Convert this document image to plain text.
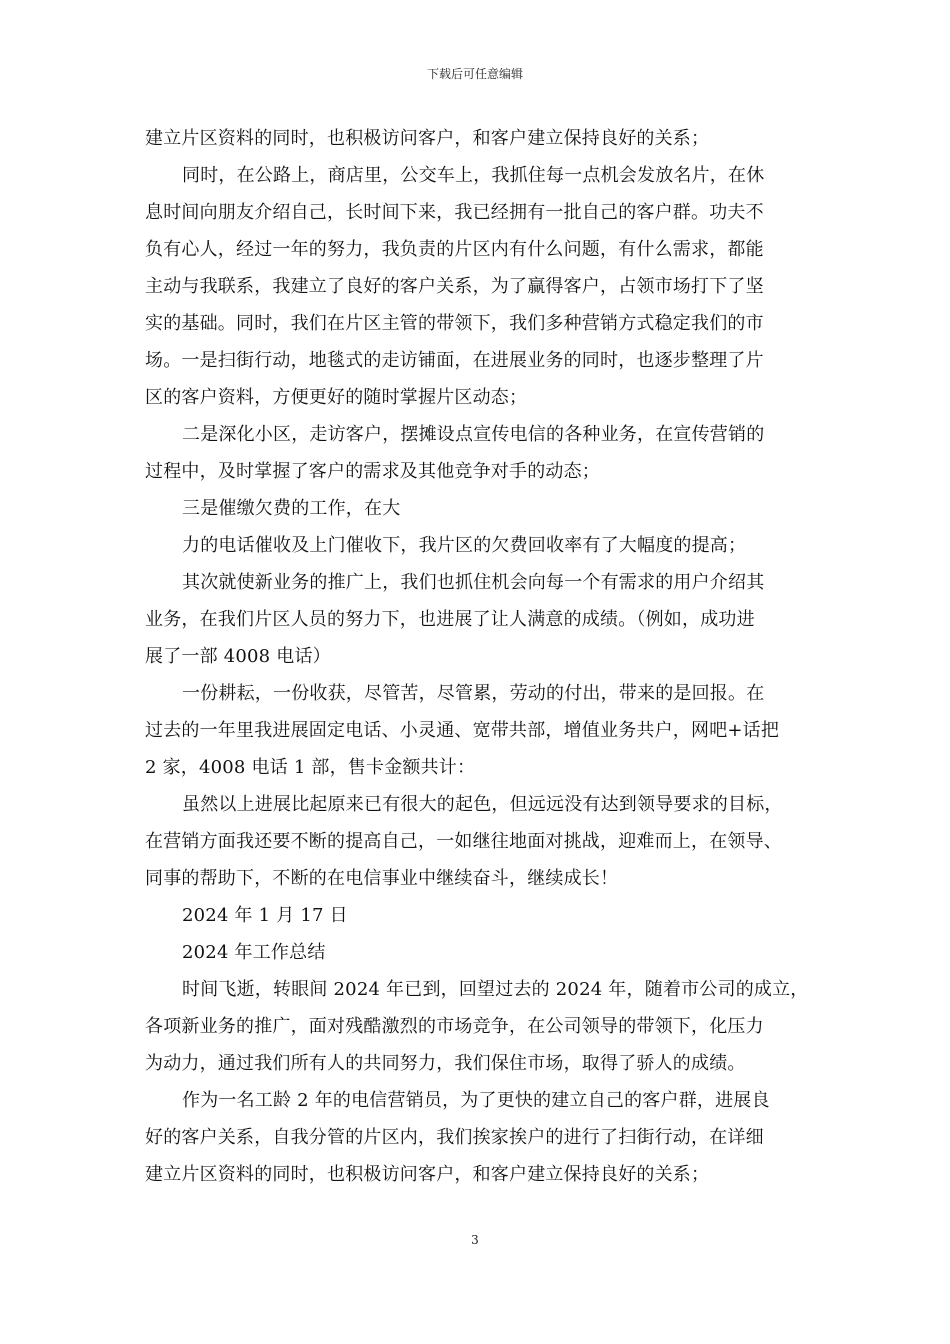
下载后可任意编辑
建立片区资料的同时，也积极访问客户，和客户建立保持良好的关系；
同时，在公路上，商店里，公交车上，我抓住每一点机会发放名片，在休
息时间向朋友介绍自己，长时间下来，我已经拥有一批自己的客户群。功夫不
负有心人，经过一年的努力，我负责的片区内有什么问题，有什么需求，都能
主动与我联系，我建立了良好的客户关系，为了赢得客户，占领市场打下了坚
实的基础。同时，我们在片区主管的带领下，我们多种营销方式稳定我们的市
场。一是扫街行动，地毯式的走访铺面，在进展业务的同时，也逐步整理了片
区的客户资料，方便更好的随时掌握片区动态；
二是深化小区，走访客户，摆摊设点宣传电信的各种业务，在宣传营销的
过程中，及时掌握了客户的需求及其他竞争对手的动态；
三是催缴欠费的工作，在大
力的电话催收及上门催收下，我片区的欠费回收率有了大幅度的提高；
其次就使新业务的推广上，我们也抓住机会向每一个有需求的用户介绍其
业务，在我们片区人员的努力下，也进展了让人满意的成绩。（例如，成功进
展了一部 4008 电话）
一份耕耘，一份收获，尽管苦，尽管累，劳动的付出，带来的是回报。在
过去的一年里我进展固定电话、小灵通、宽带共部，增值业务共户，网吧+话把
2 家，4008 电话 1 部，售卡金额共计：
虽然以上进展比起原来已有很大的起色，但远远没有达到领导要求的目标，
在营销方面我还要不断的提高自己，一如继往地面对挑战，迎难而上，在领导、
同事的帮助下，不断的在电信事业中继续奋斗，继续成长！
2024 年 1 月 17 日
2024 年工作总结
时间飞逝，转眼间 2024 年已到，回望过去的 2024 年，随着市公司的成立，
各项新业务的推广，面对残酷激烈的市场竞争，在公司领导的带领下，化压力
为动力，通过我们所有人的共同努力，我们保住市场，取得了骄人的成绩。
作为一名工龄 2 年的电信营销员，为了更快的建立自己的客户群，进展良
好的客户关系，自我分管的片区内，我们挨家挨户的进行了扫街行动，在详细
建立片区资料的同时，也积极访问客户，和客户建立保持良好的关系；
3
